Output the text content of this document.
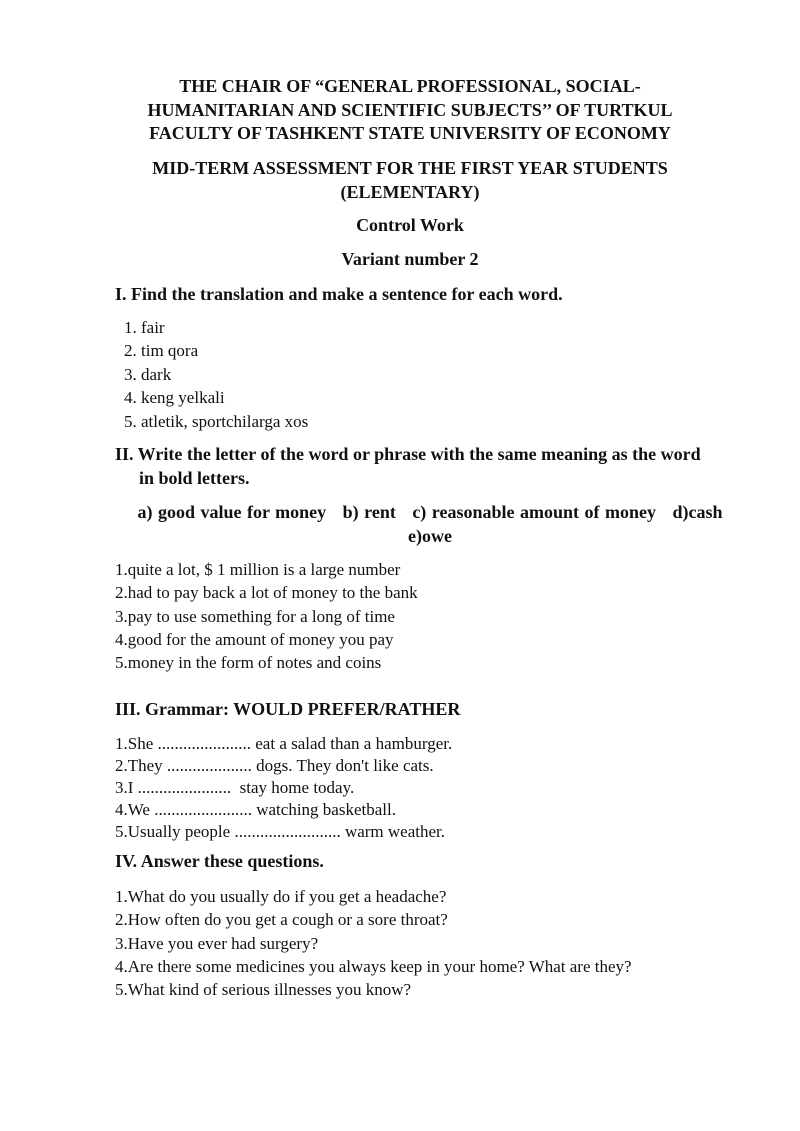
THE CHAIR OF “GENERAL PROFESSIONAL, SOCIAL-
HUMANITARIAN AND SCIENTIFIC SUBJECTS’’ OF TURTKUL
FACULTY OF TASHKENT STATE UNIVERSITY OF ECONOMY
MID-TERM ASSESSMENT FOR THE FIRST YEAR STUDENTS
(ELEMENTARY)
Control Work
Variant number 2
I. Find the translation and make a sentence for each word.
1. fair
2. tim qora
3. dark
4. keng yelkali
5. atletik, sportchilarga xos
II. Write the letter of the word or phrase with the same meaning as the word
in bold letters.
a) good value for money   b) rent   c) reasonable amount of money   d)cash
e)owe
1.quite a lot, $ 1 million is a large number
2.had to pay back a lot of money to the bank
3.pay to use something for a long of time
4.good for the amount of money you pay
5.money in the form of notes and coins
III. Grammar: WOULD PREFER/RATHER
1.She ...................... eat a salad than a hamburger.
2.They .................... dogs. They don't like cats.
3.I ......................  stay home today.
4.We ....................... watching basketball.
5.Usually people ......................... warm weather.
IV. Answer these questions.
1.What do you usually do if you get a headache?
2.How often do you get a cough or a sore throat?
3.Have you ever had surgery?
4.Are there some medicines you always keep in your home? What are they?
5.What kind of serious illnesses you know?
